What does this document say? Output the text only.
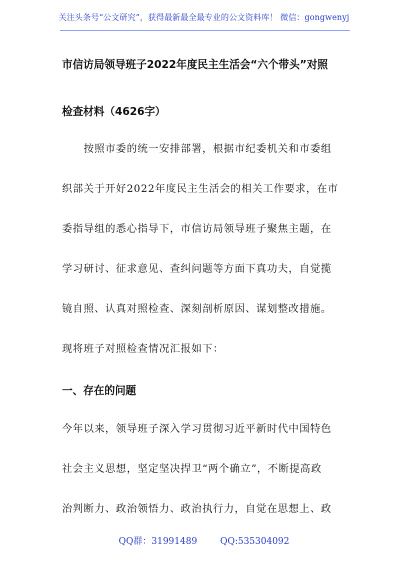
关注头条号“公文研究”，获得最新最全最专业的公文资料库！ 微信：gongwenyj
市信访局领导班子2022年度民主生活会“六个带头”对照
检查材料（4626字）
　　按照市委的统一安排部署，根据市纪委机关和市委组
织部关于开好2022年度民主生活会的相关工作要求，在市
委指导组的悉心指导下，市信访局领导班子聚焦主题，在
学习研讨、征求意见、查纠问题等方面下真功夫，自觉揽
镜自照、认真对照检查、深刻剖析原因、谋划整改措施。
现将班子对照检查情况汇报如下：
一、存在的问题
今年以来，领导班子深入学习贯彻习近平新时代中国特色
社会主义思想，坚定坚决捍卫“两个确立”，不断提高政
治判断力、政治领悟力、政治执行力，自觉在思想上、政
QQ群：31991489	QQ:535304092
